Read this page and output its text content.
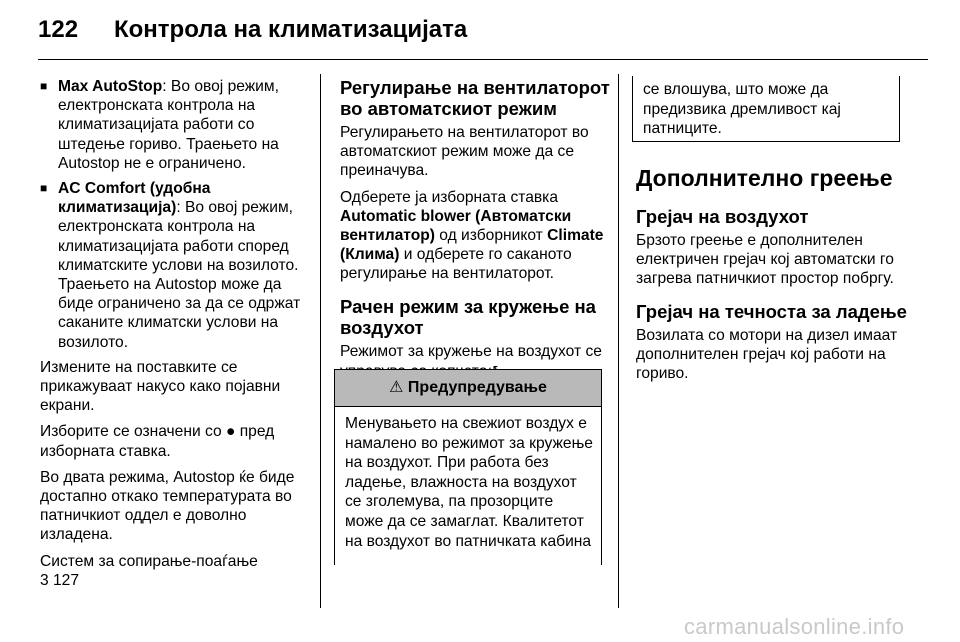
122 Контрола на климатизацијата
■ Max AutoStop: Во овој режим, електронската контрола на климатизацијата работи со штедење гориво. Траењето на Autostop не е ограничено.
■ AC Comfort (удобна климатизација): Во овој режим, електронската контрола на климатизацијата работи според климатските услови на возилото. Траењето на Autostop може да биде ограничено за да се одржат саканите климатски услови на возилото.

Измените на поставките се прикажуваат накусо како појавни екрани.

Изборите се означени со ● пред изборната ставка.

Во двата режима, Autostop ќе биде достапно откако температурата во патничкиот оддел е доволно изладена.

Систем за сопирање-поаѓање
3 127

Регулирање на вентилаторот во автоматскиот режим

Регулирањето на вентилаторот во автоматскиот режим може да се преиначува.

Одберете ја изборната ставка Automatic blower (Автоматски вентилатор) од изборникот Climate (Клима) и одберете го саканото регулирање на вентилаторот.

Рачен режим за кружење на воздухот

Режимот за кружење на воздухот се

⚠ Предупредување
Менувањето на свежиот воздух е намалено во режимот за кружење на воздухот. При работа без ладење, влажноста на воздухот се зголемува, па прозорците може да се замаглат. Квалитетот на воздухот во патничката кабина
се влошува, што може да предизвика дремливост кај патниците.
Дополнително греење
Грејач на воздухот

Брзото греење е дополнителен електричен грејач кој автоматски го загрева патничкиот простор побргу.

Грејач на течноста за ладење

Возилата со мотори на дизел имаат дополнителен грејач кој работи на гориво.

carmanualsonline.info
